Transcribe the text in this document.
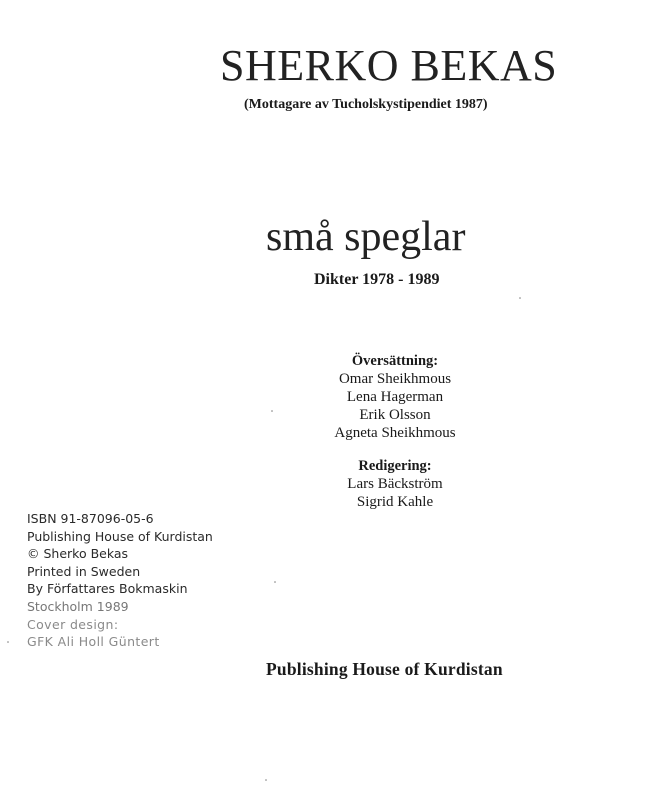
SHERKO BEKAS
(Mottagare av Tucholskystipendiet 1987)
små speglar
Dikter 1978 - 1989
Översättning:
Omar Sheikhmous
Lena Hagerman
Erik Olsson
Agneta Sheikhmous
Redigering:
Lars Bäckström
Sigrid Kahle
ISBN 91-87096-05-6
Publishing House of Kurdistan
© Sherko Bekas
Printed in Sweden
By Författares Bokmaskin
Stockholm 1989
Cover design:
GFK Ali Holl Güntert
Publishing House of Kurdistan
